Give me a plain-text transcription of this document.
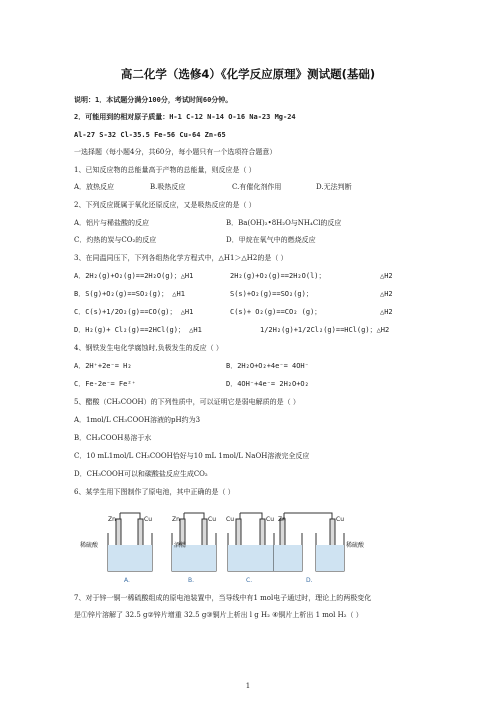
高二化学（选修4）《化学反应原理》测试题(基础)
说明：1．本试题分满分100分，考试时间60分钟。
2．可能用到的相对原子质量：H-1 C-12 N-14 O-16 Na-23 Mg-24
Al-27 S-32 Cl-35.5 Fe-56 Cu-64 Zn-65
一选择题（每小题4分，共60分，每小题只有一个选项符合题意）
1、已知反应物的总能量高于产物的总能量，则反应是（ ）
A．放热反应	B.吸热反应	C.有催化剂作用	D.无法判断
2、下列反应既属于氧化还原反应，又是吸热反应的是（ ）
A．铝片与稀盐酸的反应	B．Ba(OH)₂•8H₂O与NH₄Cl的反应
C．灼热的炭与CO₂的反应	D．甲烷在氧气中的燃烧反应
3、在同温同压下，下列各组热化学方程式中，△H1＞△H2的是（ ）
A．2H₂(g)+O₂(g)==2H₂O(g)；△H1	2H₂(g)+O₂(g)==2H₂O(l)；	△H2
B．S(g)+O₂(g)==SO₂(g)； △H1	S(s)+O₂(g)==SO₂(g)；	△H2
C．C(s)+1/2O₂(g)==CO(g)； △H1	C(s)+ O₂(g)==CO₂ (g)；	△H2
D．H₂(g)+ Cl₂(g)==2HCl(g)； △H1	1/2H₂(g)+1/2Cl₂(g)==HCl(g)；△H2
4、钢铁发生电化学腐蚀时,负极发生的反应（ ）
A．2H⁺+2e⁻= H₂	B．2H₂O+O₂+4e⁻= 4OH⁻
C．Fe-2e⁻= Fe²⁺	D．4OH⁻+4e⁻= 2H₂O+O₂
5、醋酸（CH₃COOH）的下列性质中，可以证明它是弱电解质的是（ ）
A．1mol/L CH₃COOH溶液的pH约为3
B．CH₃COOH易溶于水
C．10 mL1mol/L CH₃COOH恰好与10 mL 1mol/L NaOH溶液完全反应
D．CH₃COOH可以和碳酸盐反应生成CO₂
6、某学生用下图制作了原电池，其中正确的是（ ）
Zn	Cu	Zn	Cu Cu	Cu Zn	Cu
稀硫酸	酒精	稀硫酸
A.	B.	C.	D.
7、对于锌一铜一稀硫酸组成的原电池装置中，当导线中有1 mol电子通过时，理论上的两极变化
是①锌片溶解了 32.5 g②锌片增重 32.5 g③铜片上析出 l g H₂ ④铜片上析出 1 mol H₂（ ）
1
